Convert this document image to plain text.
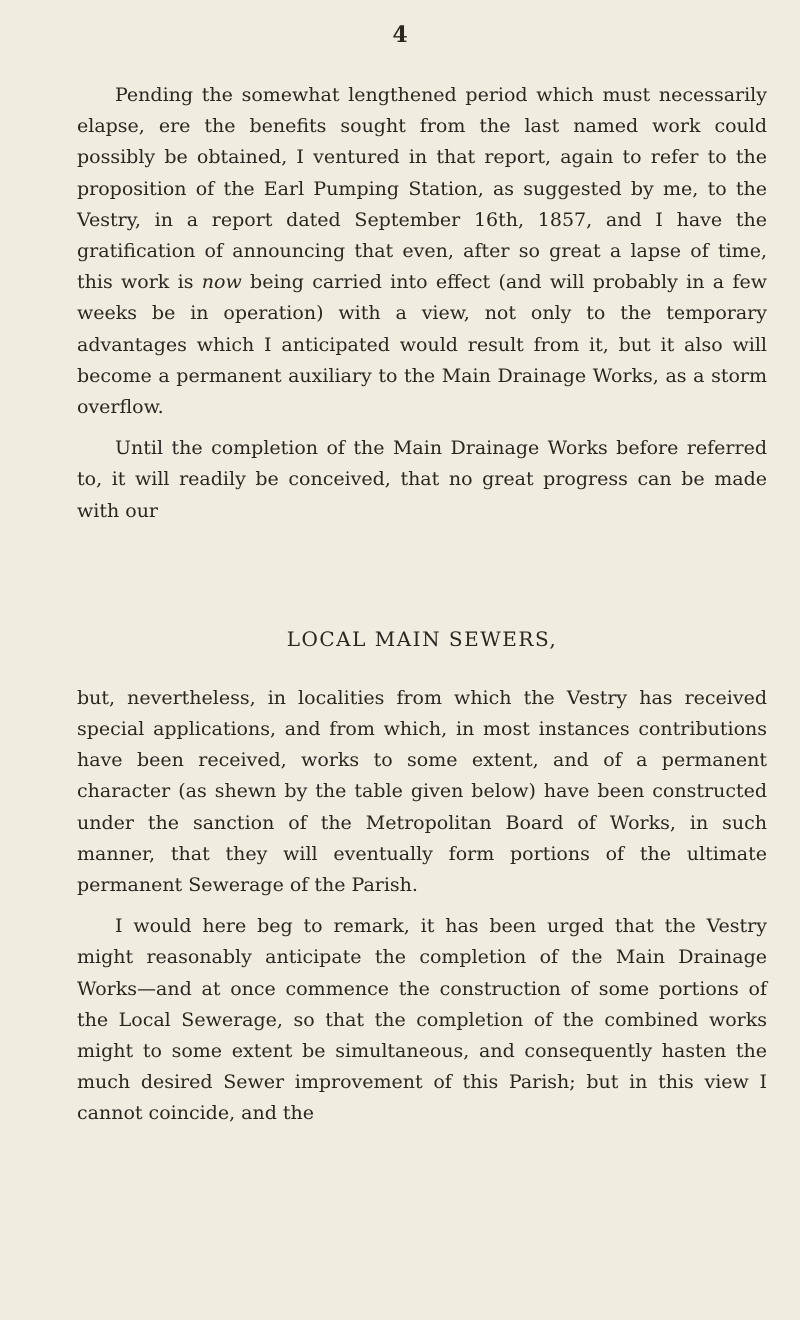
4

Pending the somewhat lengthened period which must necessarily elapse, ere the benefits sought from the last named work could possibly be obtained, I ventured in that report, again to refer to the proposition of the Earl Pumping Station, as suggested by me, to the Vestry, in a report dated September 16th, 1857, and I have the gratification of announcing that even, after so great a lapse of time, this work is now being carried into effect (and will probably in a few weeks be in operation) with a view, not only to the temporary advantages which I anticipated would result from it, but it also will become a permanent auxiliary to the Main Drainage Works, as a storm overflow.

Until the completion of the Main Drainage Works before referred to, it will readily be conceived, that no great progress can be made with our

LOCAL MAIN SEWERS,

but, nevertheless, in localities from which the Vestry has received special applications, and from which, in most instances contributions have been received, works to some extent, and of a permanent character (as shewn by the table given below) have been constructed under the sanction of the Metropolitan Board of Works, in such manner, that they will eventually form portions of the ultimate permanent Sewerage of the Parish.

I would here beg to remark, it has been urged that the Vestry might reasonably anticipate the completion of the Main Drainage Works—and at once commence the construction of some portions of the Local Sewerage, so that the completion of the combined works might to some extent be simultaneous, and consequently hasten the much desired Sewer improvement of this Parish; but in this view I cannot coincide, and the
